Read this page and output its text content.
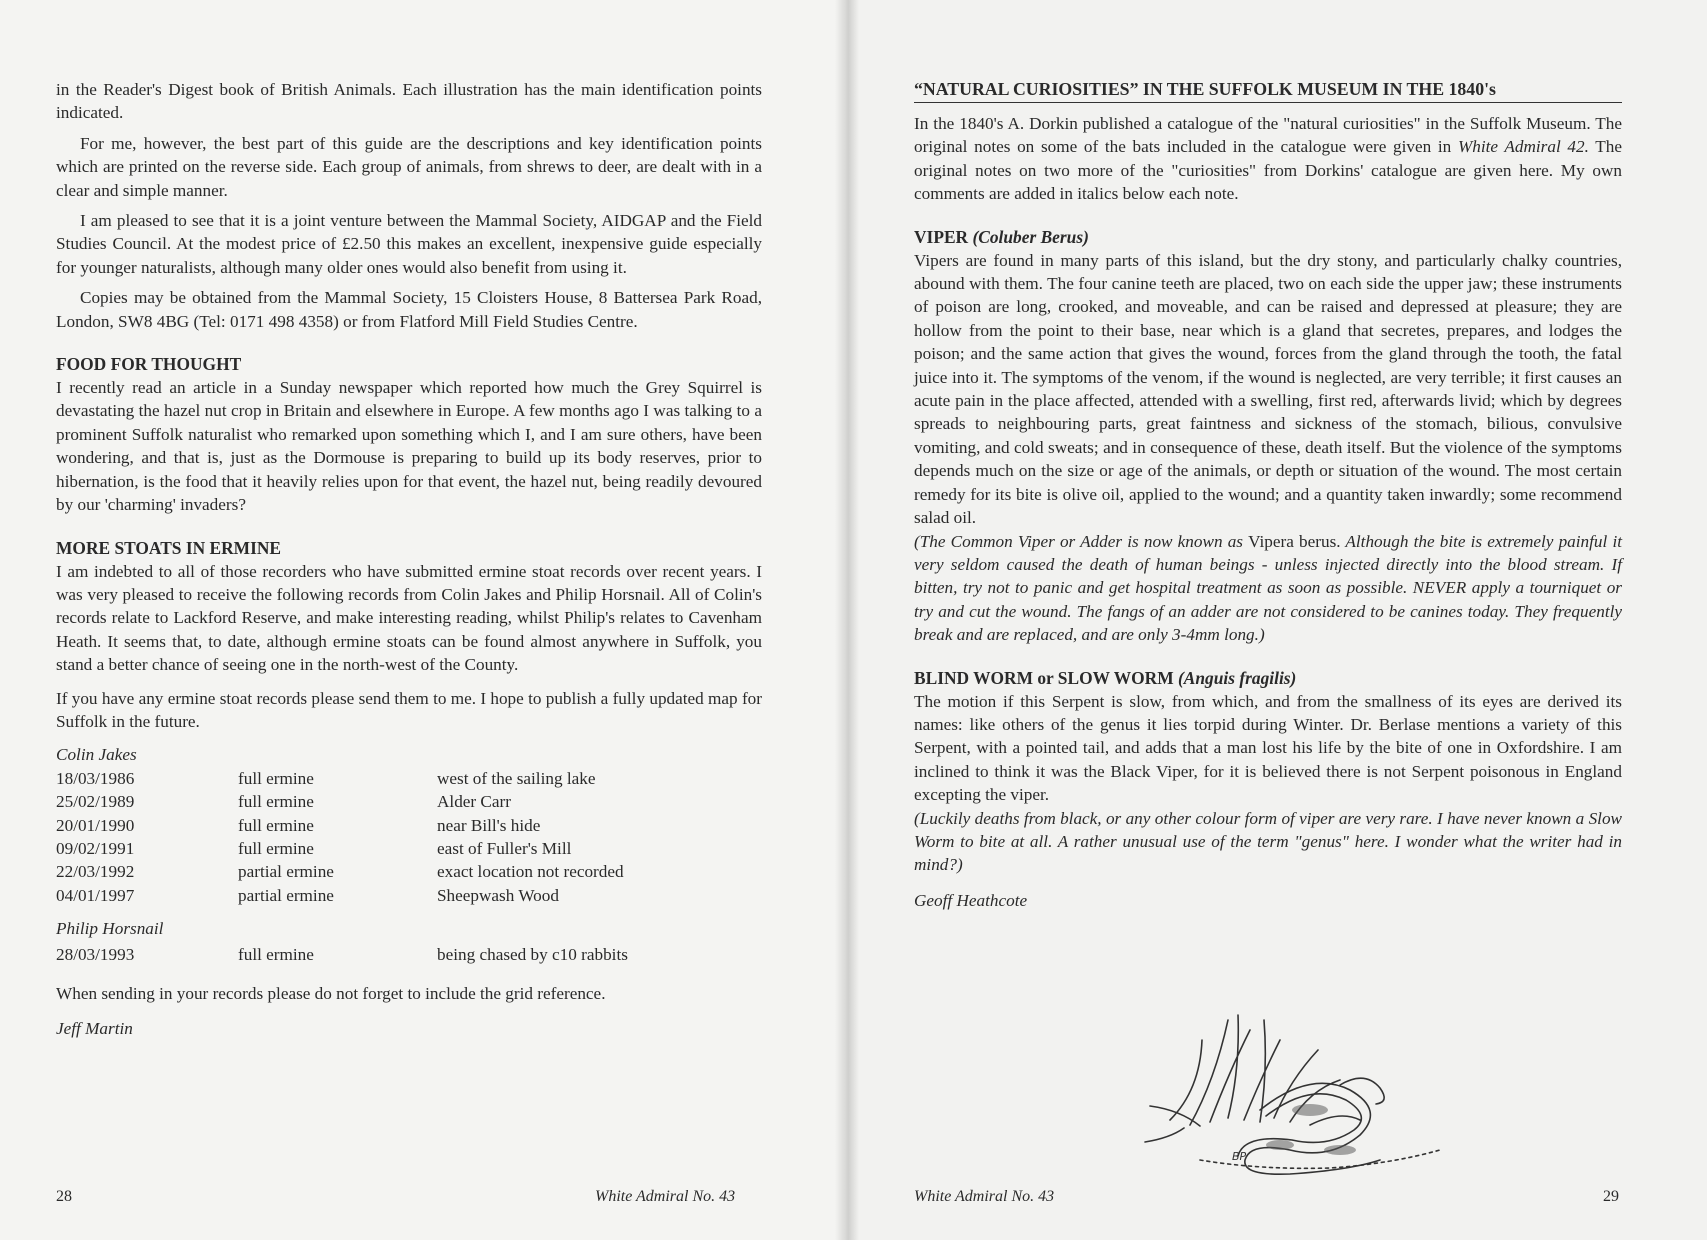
in the Reader's Digest book of British Animals. Each illustration has the main identification points indicated.

For me, however, the best part of this guide are the descriptions and key identification points which are printed on the reverse side. Each group of animals, from shrews to deer, are dealt with in a clear and simple manner.

I am pleased to see that it is a joint venture between the Mammal Society, AIDGAP and the Field Studies Council. At the modest price of £2.50 this makes an excellent, inexpensive guide especially for younger naturalists, although many older ones would also benefit from using it.

Copies may be obtained from the Mammal Society, 15 Cloisters House, 8 Battersea Park Road, London, SW8 4BG (Tel: 0171 498 4358) or from Flatford Mill Field Studies Centre.

FOOD FOR THOUGHT

I recently read an article in a Sunday newspaper which reported how much the Grey Squirrel is devastating the hazel nut crop in Britain and elsewhere in Europe. A few months ago I was talking to a prominent Suffolk naturalist who remarked upon something which I, and I am sure others, have been wondering, and that is, just as the Dormouse is preparing to build up its body reserves, prior to hibernation, is the food that it heavily relies upon for that event, the hazel nut, being readily devoured by our 'charming' invaders?

MORE STOATS IN ERMINE

I am indebted to all of those recorders who have submitted ermine stoat records over recent years. I was very pleased to receive the following records from Colin Jakes and Philip Horsnail. All of Colin's records relate to Lackford Reserve, and make interesting reading, whilst Philip's relates to Cavenham Heath. It seems that, to date, although ermine stoats can be found almost anywhere in Suffolk, you stand a better chance of seeing one in the north-west of the County.

If you have any ermine stoat records please send them to me. I hope to publish a fully updated map for Suffolk in the future.

Colin Jakes

18/03/1986	full ermine	west of the sailing lake
25/02/1989	full ermine	Alder Carr
20/01/1990	full ermine	near Bill's hide
09/02/1991	full ermine	east of Fuller's Mill
22/03/1992	partial ermine	exact location not recorded
04/01/1997	partial ermine	Sheepwash Wood

Philip Horsnail

28/03/1993	full ermine	being chased by c10 rabbits

When sending in your records please do not forget to include the grid reference.

Jeff Martin

28	White Admiral No. 43
“NATURAL CURIOSITIES” IN THE SUFFOLK MUSEUM IN THE 1840's

In the 1840's A. Dorkin published a catalogue of the "natural curiosities" in the Suffolk Museum. The original notes on some of the bats included in the catalogue were given in White Admiral 42. The original notes on two more of the "curiosities" from Dorkins' catalogue are given here. My own comments are added in italics below each note.

VIPER (Coluber Berus)

Vipers are found in many parts of this island, but the dry stony, and particularly chalky countries, abound with them. The four canine teeth are placed, two on each side the upper jaw; these instruments of poison are long, crooked, and moveable, and can be raised and depressed at pleasure; they are hollow from the point to their base, near which is a gland that secretes, prepares, and lodges the poison; and the same action that gives the wound, forces from the gland through the tooth, the fatal juice into it. The symptoms of the venom, if the wound is neglected, are very terrible; it first causes an acute pain in the place affected, attended with a swelling, first red, afterwards livid; which by degrees spreads to neighbouring parts, great faintness and sickness of the stomach, bilious, convulsive vomiting, and cold sweats; and in consequence of these, death itself. But the violence of the symptoms depends much on the size or age of the animals, or depth or situation of the wound. The most certain remedy for its bite is olive oil, applied to the wound; and a quantity taken inwardly; some recommend salad oil.

(The Common Viper or Adder is now known as Vipera berus. Although the bite is extremely painful it very seldom caused the death of human beings - unless injected directly into the blood stream. If bitten, try not to panic and get hospital treatment as soon as possible. NEVER apply a tourniquet or try and cut the wound. The fangs of an adder are not considered to be canines today. They frequently break and are replaced, and are only 3-4mm long.)

BLIND WORM or SLOW WORM (Anguis fragilis)

The motion if this Serpent is slow, from which, and from the smallness of its eyes are derived its names: like others of the genus it lies torpid during Winter. Dr. Berlase mentions a variety of this Serpent, with a pointed tail, and adds that a man lost his life by the bite of one in Oxfordshire. I am inclined to think it was the Black Viper, for it is believed there is not Serpent poisonous in England excepting the viper.

(Luckily deaths from black, or any other colour form of viper are very rare. I have never known a Slow Worm to bite at all. A rather unusual use of the term "genus" here. I wonder what the writer had in mind?)

Geoff Heathcote

BP
White Admiral No. 43	29
